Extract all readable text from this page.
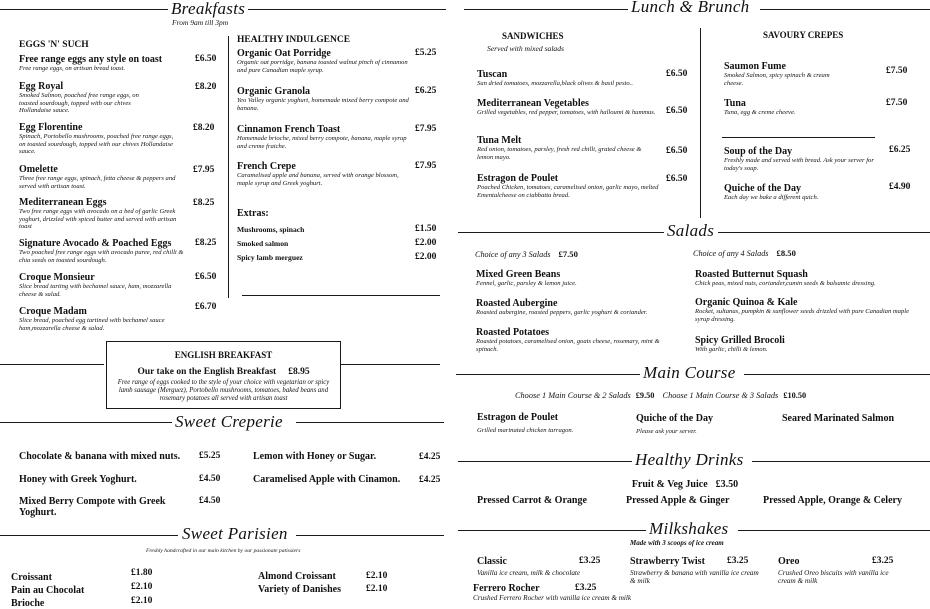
Breakfasts
From 9am till 3pm
EGGS 'N' SUCH
Free range eggs any style on toast
Free range eggs, on artisan bread toast.
£6.50
Egg Royal
Smoked Salmon, poached free range eggs, on toasted sourdough, topped with our chives Hollandaise sauce.
£8.20
Egg Florentine
Spinach, Portobello mushrooms, poached free range eggs, on toasted sourdough, topped with our chives Hollandaise sauce.
£8.20
Omelette
Three free range eggs, spinach, fetta cheese & peppers and served with artisan toast.
£7.95
Mediterranean Eggs
Two free range eggs with avocado on a bed of garlic Greek yoghurt, drizzled with spiced butter and served with artisan toast
£8.25
Signature Avocado & Poached Eggs
Two poached free range eggs with avocado puree, red chilli & chia seeds on toasted sourdough.
£8.25
Croque Monsieur
Slice bread tarting with bechamel sauce, ham, mozzarella cheese & salad.
£6.50
Croque Madam
Slice bread, poached egg tartined with bechamel sauce ham,mozzarella cheese & salad.
£6.70
HEALTHY INDULGENCE
Organic Oat Porridge
Organic oat porridge, banana toasted walnut pinch of cinnamon and pure Canadian maple syrup.
£5.25
Organic Granola
Yeo Valley organic yoghurt, homemade mixed berry compote and banana.
£6.25
Cinnamon French Toast
Homemade brioche, mixed berry compote, banana, maple syrup and creme fraiche.
£7.95
French Crepe
Caramelised apple and banana, served with orange blossom, maple syrup and Greek yoghurt.
£7.95
Extras:
Mushrooms, spinach	£1.50
Smoked salmon	£2.00
Spicy lamb merguez	£2.00
ENGLISH BREAKFAST
Our take on the English Breakfast £8.95
Free range of eggs cooked to the style of your choice with vegetarian or spicy lamb sausage (Merguez), Portobello mushrooms, tomatoes, baked beans and rosemary potatoes all served with artisan toast
Sweet Creperie
Chocolate & banana with mixed nuts. £5.25
Honey with Greek Yoghurt.	£4.50
Mixed Berry Compote with Greek Yoghurt.
£4.50
Lemon with Honey or Sugar.	£4.25
Caramelised Apple with Cinamon. £4.25
Sweet Parisien
Freshly handcrafted in our main kitchen by our passionate patissiers
Croissant	£1.80
Pain au Chocolat	£2.10
Brioche	£2.10
Almond Croissant	£2.10
Variety of Danishes	£2.10
Lunch & Brunch
SANDWICHES
Served with mixed salads
Tuscan
Sun dried tomatoes, mozzarella,black olives & basil pesto..
£6.50
Mediterranean Vegetables
Grilled vegetables, red pepper, tomatoes, with halloumi & hummus. £6.50
Tuna Melt
Red onion, tomatoes, parsley, fresh red chilli, grated cheese & lemon mayo.
£6.50
Estragon de Poulet
Poached Chicken, tomatoes, caramelised onion, garlic mayo, melted Ementalcheese on ciabbatta bread.
£6.50
SAVOURY CREPES
Saumon Fume
Smoked Salmon, spicy spinach & cream cheese.
£7.50
Tuna
Tuna, egg & creme cheeve.
£7.50
Soup of the Day
Freshly made and served with bread. Ask your server for today's soup.
£6.25
Quiche of the Day
Each day we bake a different quich.
£4.90
Salads
Choice of any 3 Salads £7.50	Choice of any 4 Salads £8.50
Mixed Green Beans
Fennel, garlic, parsley & lemon juice.
Roasted Aubergine
Roasted aubergine, roasted peppers, garlic yoghurt & coriander.
Roasted Potatoes
Roasted potatoes, caramelised onion, goats cheese, rosemary, mint & spinach.
Roasted Butternut Squash
Chick peas, mixed nuts, coriander,cumin seeds & balsamic dressing.
Organic Quinoa & Kale
Rocket, sultanas, pumpkin & sunflower seeds drizzled with pure Canadian maple syrup dressing.
Spicy Grilled Brocoli
With garlic, chilli & lemon.
Main Course
Choose 1 Main Course & 2 Salads £9.50 Choose 1 Main Course & 3 Salads £10.50
Estragon de Poulet
Grilled marinated chicken tarragon.
Quiche of the Day
Please ask your server.
Seared Marinated Salmon
Healthy Drinks
Fruit & Veg Juice £3.50
Pressed Carrot & Orange	Pressed Apple & Ginger	Pressed Apple, Orange & Celery
Milkshakes
Made with 3 scoops of ice cream
Classic
Vanilla ice cream, milk & chocolate
£3.25	Strawberry Twist
Strawberry & banana with vanilla ice cream & milk
£3.25	Oreo
Crushed Oreo biscuits with vanilla ice cream & milk
£3.25
Ferrero Rocher
Crushed Ferrero Rocher with vanilla ice cream & milk
£3.25
